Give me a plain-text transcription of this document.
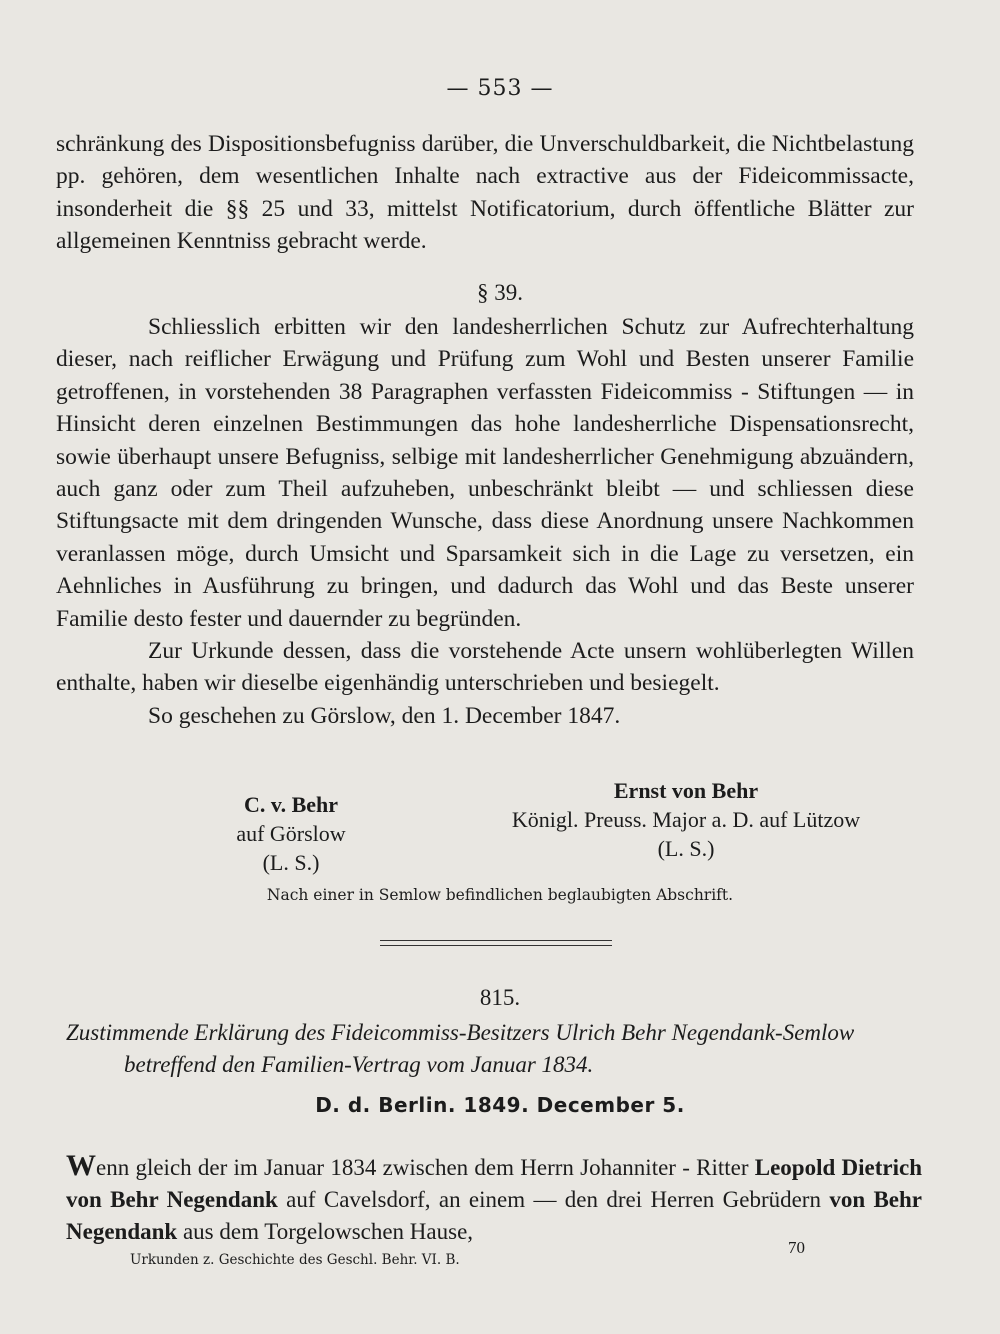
— 553 —

schränkung des Dispositionsbefugniss darüber, die Unverschuldbarkeit, die Nichtbelastung pp. gehören, dem wesentlichen Inhalte nach extractive aus der Fideicommissacte, insonderheit die §§ 25 und 33, mittelst Notificatorium, durch öffentliche Blätter zur allgemeinen Kenntniss gebracht werde.

§ 39.

Schliesslich erbitten wir den landesherrlichen Schutz zur Aufrechterhaltung dieser, nach reiflicher Erwägung und Prüfung zum Wohl und Besten unserer Familie getroffenen, in vorstehenden 38 Paragraphen verfassten Fideicommiss - Stiftungen — in Hinsicht deren einzelnen Bestimmungen das hohe landesherrliche Dispensationsrecht, sowie überhaupt unsere Befugniss, selbige mit landesherrlicher Genehmigung abzuändern, auch ganz oder zum Theil aufzuheben, unbeschränkt bleibt — und schliessen diese Stiftungsacte mit dem dringenden Wunsche, dass diese Anordnung unsere Nachkommen veranlassen möge, durch Umsicht und Sparsamkeit sich in die Lage zu versetzen, ein Aehnliches in Ausführung zu bringen, und dadurch das Wohl und das Beste unserer Familie desto fester und dauernder zu begründen.

Zur Urkunde dessen, dass die vorstehende Acte unsern wohlüberlegten Willen enthalte, haben wir dieselbe eigenhändig unterschrieben und besiegelt.

So geschehen zu Görslow, den 1. December 1847.

C. v. Behr
auf Görslow
(L. S.)
Ernst von Behr
Königl. Preuss. Major a. D. auf Lützow
(L. S.)
Nach einer in Semlow befindlichen beglaubigten Abschrift.
815.
Zustimmende Erklärung des Fideicommiss-Besitzers Ulrich Behr Negendank-Semlow
betreffend den Familien-Vertrag vom Januar 1834.
D. d. Berlin. 1849. December 5.

Wenn gleich der im Januar 1834 zwischen dem Herrn Johanniter - Ritter Leopold Dietrich von Behr Negendank auf Cavelsdorf, an einem — den drei Herren Gebrüdern von Behr Negendank aus dem Torgelowschen Hause,

Urkunden z. Geschichte des Geschl. Behr. VI. B.
70
